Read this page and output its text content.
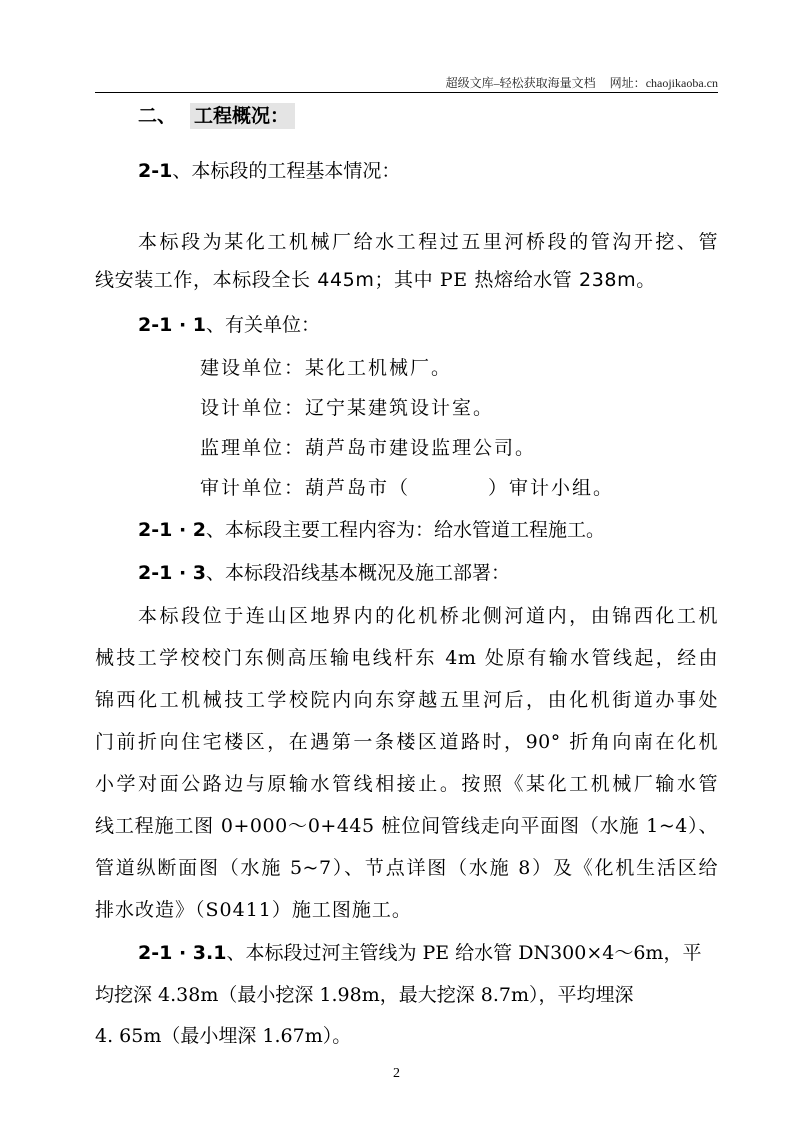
超级文库–轻松获取海量文档 网址：chaojikaoba.cn
二、 工程概况：
2-1、本标段的工程基本情况：
本标段为某化工机械厂给水工程过五里河桥段的管沟开挖、管
线安装工作，本标段全长 445m；其中 PE 热熔给水管 238m。
2-1 · 1、有关单位：
建设单位：某化工机械厂。
设计单位：辽宁某建筑设计室。
监理单位：葫芦岛市建设监理公司。
审计单位：葫芦岛市（	）审计小组。
2-1 · 2、本标段主要工程内容为：给水管道工程施工。
2-1 · 3、本标段沿线基本概况及施工部署：
本标段位于连山区地界内的化机桥北侧河道内，由锦西化工机
械技工学校校门东侧高压输电线杆东 4m 处原有输水管线起，经由
锦西化工机械技工学校院内向东穿越五里河后，由化机街道办事处
门前折向住宅楼区，在遇第一条楼区道路时，90° 折角向南在化机
小学对面公路边与原输水管线相接止。按照《某化工机械厂输水管
线工程施工图 0+000～0+445 桩位间管线走向平面图（水施 1~4）、
管道纵断面图（水施 5~7）、节点详图（水施 8）及《化机生活区给
排水改造》（S0411）施工图施工。
2-1 · 3.1、本标段过河主管线为 PE 给水管 DN300×4～6m，平
均挖深 4.38m（最小挖深 1.98m，最大挖深 8.7m），平均埋深
4. 65m（最小埋深 1.67m）。
2
